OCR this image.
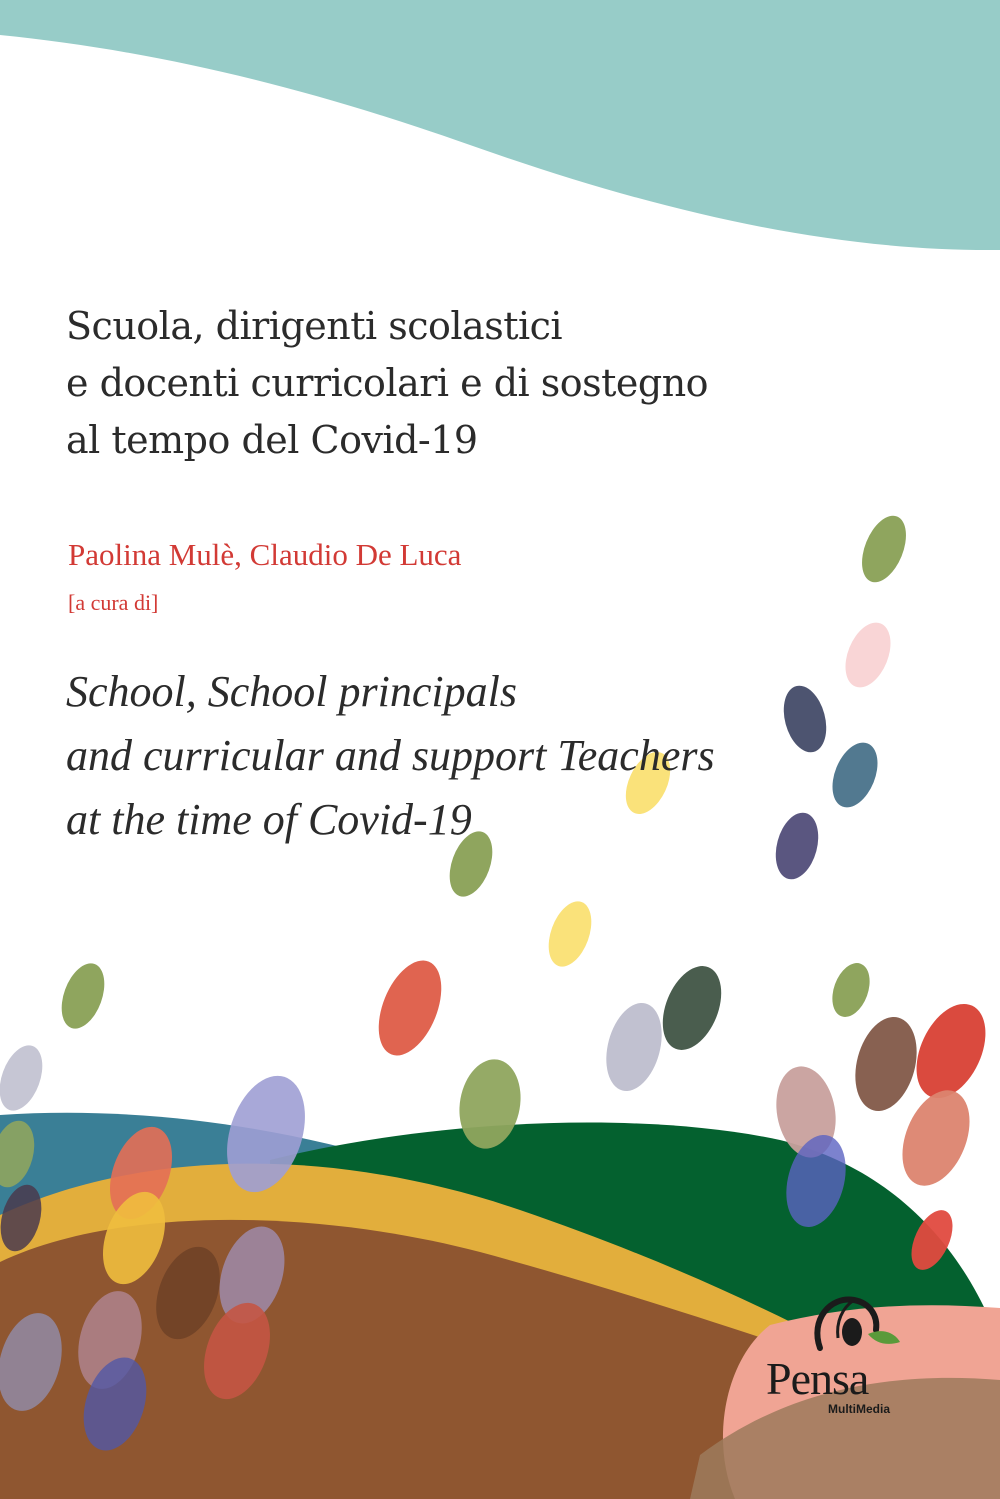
Scuola, dirigenti scolastici
e docenti curricolari e di sostegno
al tempo del Covid-19
Paolina Mulè, Claudio De Luca
[a cura di]
School, School principals
and curricular and support Teachers
at the time of Covid-19
Pensa
MultiMedia
